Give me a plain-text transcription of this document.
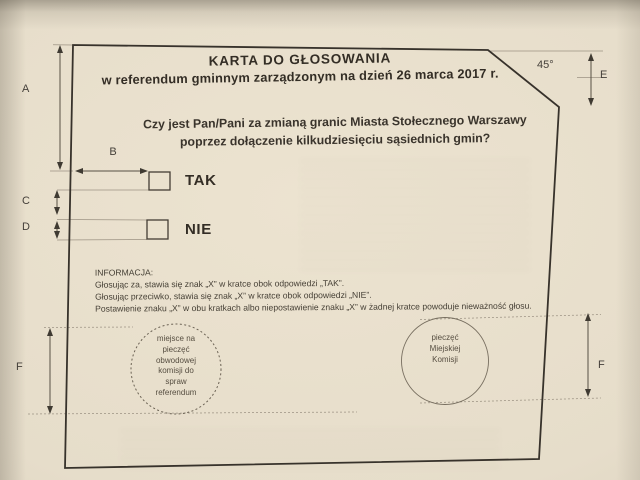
KARTA DO GŁOSOWANIA
w referendum gminnym zarządzonym na dzień 26 marca 2017 r.
Czy jest Pan/Pani za zmianą granic Miasta Stołecznego Warszawy
poprzez dołączenie kilkudziesięciu sąsiednich gmin?
TAK
NIE
INFORMACJA:
Głosując za, stawia się znak „X” w kratce obok odpowiedzi „TAK”.
Głosując przeciwko, stawia się znak „X” w kratce obok odpowiedzi „NIE”.
Postawienie znaku „X” w obu kratkach albo niepostawienie znaku „X” w żadnej kratce powoduje nieważność głosu.
miejsce na
pieczęć
obwodowej
komisji do
spraw
referendum
pieczęć
Miejskiej
Komisji
A
B
C
D
E
F	F
45°
